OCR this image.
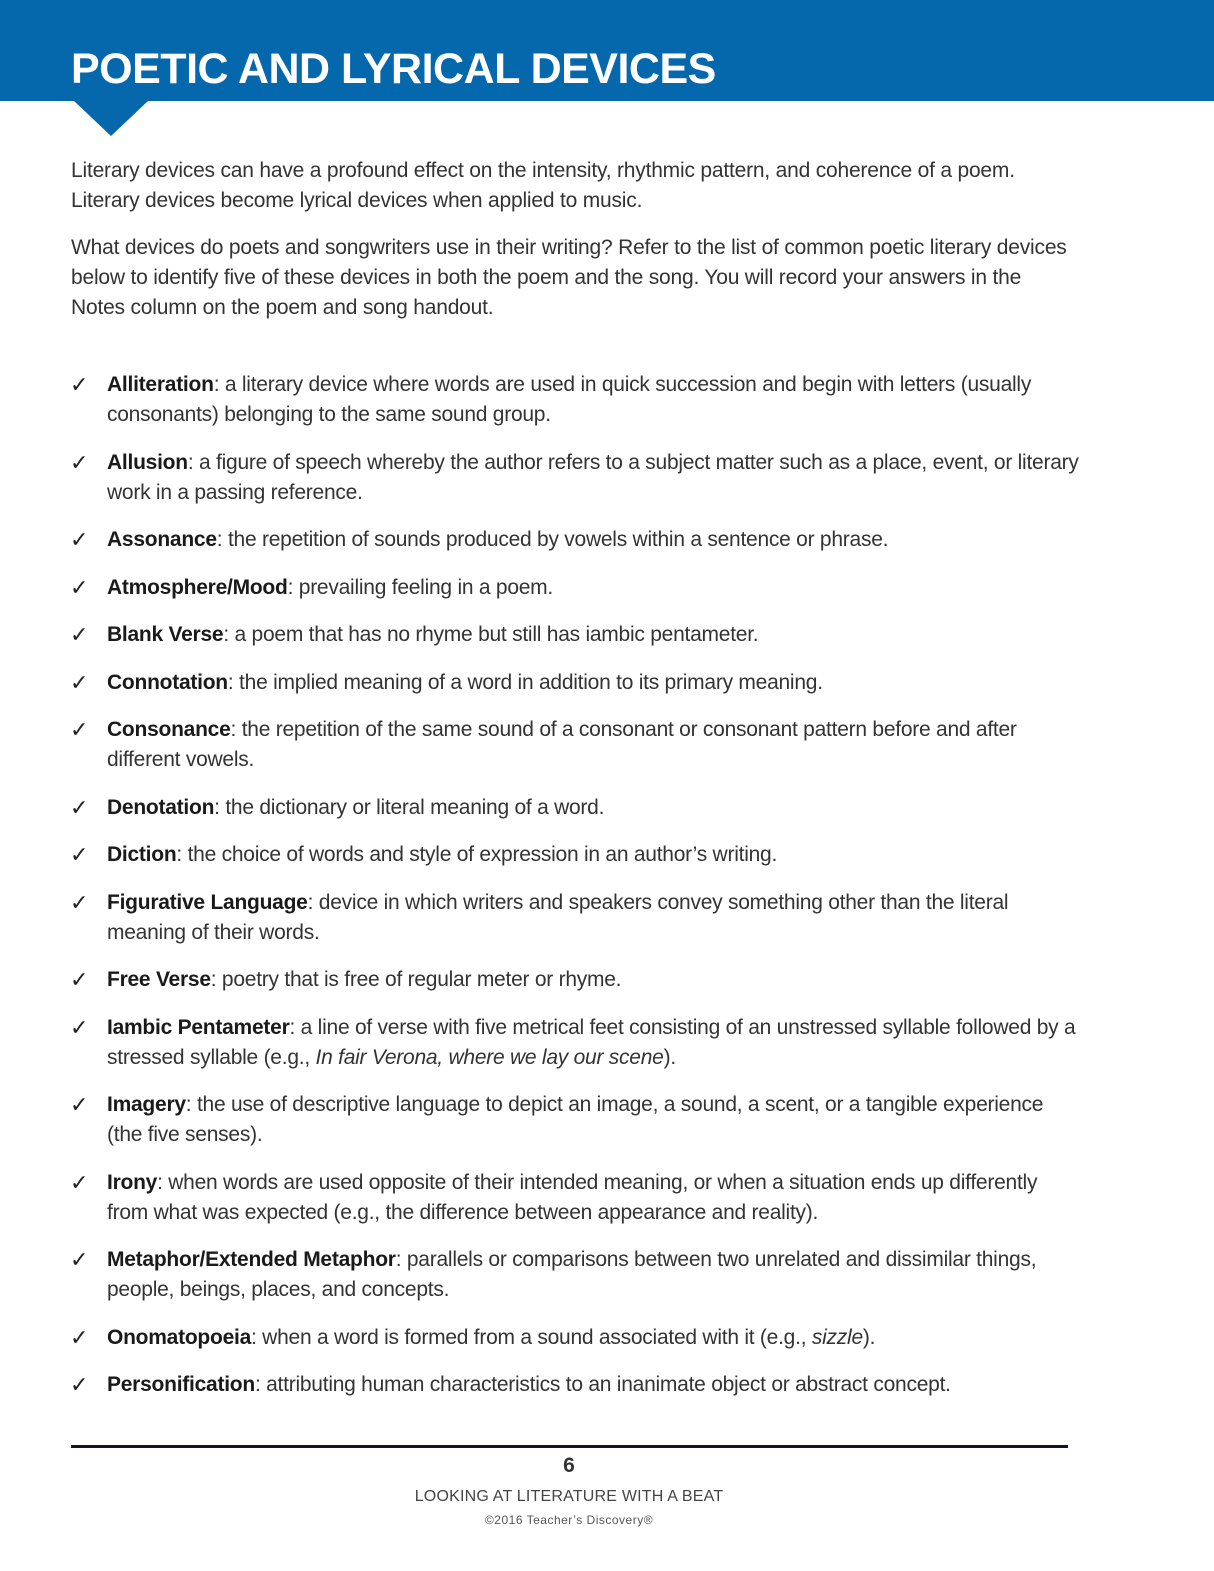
POETIC AND LYRICAL DEVICES

Literary devices can have a profound effect on the intensity, rhythmic pattern, and coherence of a poem. Literary devices become lyrical devices when applied to music.

What devices do poets and songwriters use in their writing? Refer to the list of common poetic literary devices below to identify five of these devices in both the poem and the song. You will record your answers in the Notes column on the poem and song handout.

✓ Alliteration: a literary device where words are used in quick succession and begin with letters (usually consonants) belonging to the same sound group.
✓ Allusion: a figure of speech whereby the author refers to a subject matter such as a place, event, or literary work in a passing reference.
✓ Assonance: the repetition of sounds produced by vowels within a sentence or phrase.
✓ Atmosphere/Mood: prevailing feeling in a poem.
✓ Blank Verse: a poem that has no rhyme but still has iambic pentameter.
✓ Connotation: the implied meaning of a word in addition to its primary meaning.
✓ Consonance: the repetition of the same sound of a consonant or consonant pattern before and after different vowels.
✓ Denotation: the dictionary or literal meaning of a word.
✓ Diction: the choice of words and style of expression in an author’s writing.
✓ Figurative Language: device in which writers and speakers convey something other than the literal meaning of their words.
✓ Free Verse: poetry that is free of regular meter or rhyme.
✓ Iambic Pentameter: a line of verse with five metrical feet consisting of an unstressed syllable followed by a stressed syllable (e.g., In fair Verona, where we lay our scene).
✓ Imagery: the use of descriptive language to depict an image, a sound, a scent, or a tangible experience (the five senses).
✓ Irony: when words are used opposite of their intended meaning, or when a situation ends up differently from what was expected (e.g., the difference between appearance and reality).
✓ Metaphor/Extended Metaphor: parallels or comparisons between two unrelated and dissimilar things, people, beings, places, and concepts.
✓ Onomatopoeia: when a word is formed from a sound associated with it (e.g., sizzle).
✓ Personification: attributing human characteristics to an inanimate object or abstract concept.
6
LOOKING AT LITERATURE WITH A BEAT
©2016 Teacher’s Discovery®
